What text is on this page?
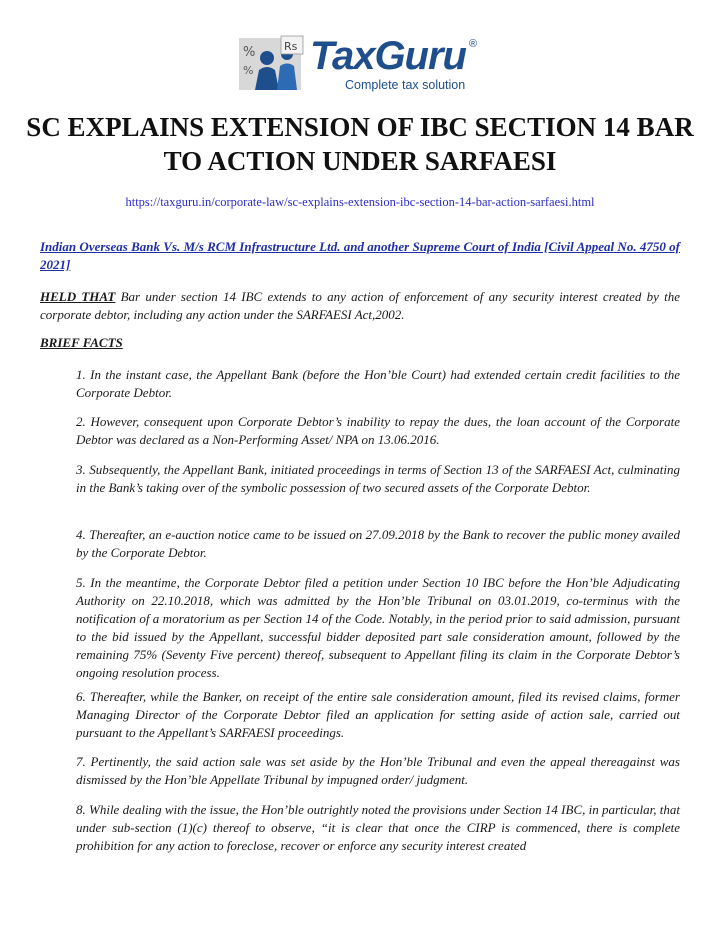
%
%
Rs TaxGuru ®
Complete tax solution
SC EXPLAINS EXTENSION OF IBC SECTION 14 BAR TO ACTION UNDER SARFAESI
https://taxguru.in/corporate-law/sc-explains-extension-ibc-section-14-bar-action-sarfaesi.html
Indian Overseas Bank Vs. M/s RCM Infrastructure Ltd. and another Supreme Court of India [Civil Appeal No. 4750 of 2021]
HELD THAT Bar under section 14 IBC extends to any action of enforcement of any security interest created by the corporate debtor, including any action under the SARFAESI Act,2002.
BRIEF FACTS
1. In the instant case, the Appellant Bank (before the Hon’ble Court) had extended certain credit facilities to the Corporate Debtor.
2. However, consequent upon Corporate Debtor’s inability to repay the dues, the loan account of the Corporate Debtor was declared as a Non-Performing Asset/ NPA on 13.06.2016.
3. Subsequently, the Appellant Bank, initiated proceedings in terms of Section 13 of the SARFAESI Act, culminating in the Bank’s taking over of the symbolic possession of two secured assets of the Corporate Debtor.
4. Thereafter, an e-auction notice came to be issued on 27.09.2018 by the Bank to recover the public money availed by the Corporate Debtor.
5. In the meantime, the Corporate Debtor filed a petition under Section 10 IBC before the Hon’ble Adjudicating Authority on 22.10.2018, which was admitted by the Hon’ble Tribunal on 03.01.2019, co-terminus with the notification of a moratorium as per Section 14 of the Code. Notably, in the period prior to said admission, pursuant to the bid issued by the Appellant, successful bidder deposited part sale consideration amount, followed by the remaining 75% (Seventy Five percent) thereof, subsequent to Appellant filing its claim in the Corporate Debtor’s ongoing resolution process.
6. Thereafter, while the Banker, on receipt of the entire sale consideration amount, filed its revised claims, former Managing Director of the Corporate Debtor filed an application for setting aside of action sale, carried out pursuant to the Appellant’s SARFAESI proceedings.
7. Pertinently, the said action sale was set aside by the Hon’ble Tribunal and even the appeal thereagainst was dismissed by the Hon’ble Appellate Tribunal by impugned order/ judgment.
8. While dealing with the issue, the Hon’ble outrightly noted the provisions under Section 14 IBC, in particular, that under sub-section (1)(c) thereof to observe, “it is clear that once the CIRP is commenced, there is complete prohibition for any action to foreclose, recover or enforce any security interest created
